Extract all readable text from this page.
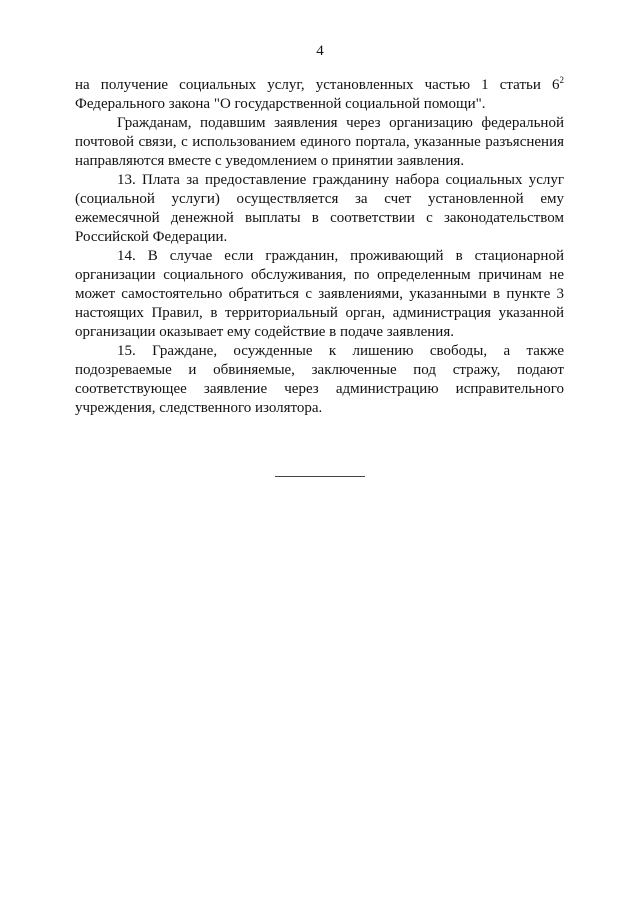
4

на получение социальных услуг, установленных частью 1 статьи $6^2$ Федерального закона "О государственной социальной помощи".

Гражданам, подавшим заявления через организацию федеральной почтовой связи, с использованием единого портала, указанные разъяснения направляются вместе с уведомлением о принятии заявления.

13. Плата за предоставление гражданину набора социальных услуг (социальной услуги) осуществляется за счет установленной ему ежемесячной денежной выплаты в соответствии с законодательством Российской Федерации.

14. В случае если гражданин, проживающий в стационарной организации социального обслуживания, по определенным причинам не может самостоятельно обратиться с заявлениями, указанными в пункте 3 настоящих Правил, в территориальный орган, администрация указанной организации оказывает ему содействие в подаче заявления.

15. Граждане, осужденные к лишению свободы, а также подозреваемые и обвиняемые, заключенные под стражу, подают соответствующее заявление через администрацию исправительного учреждения, следственного изолятора.
